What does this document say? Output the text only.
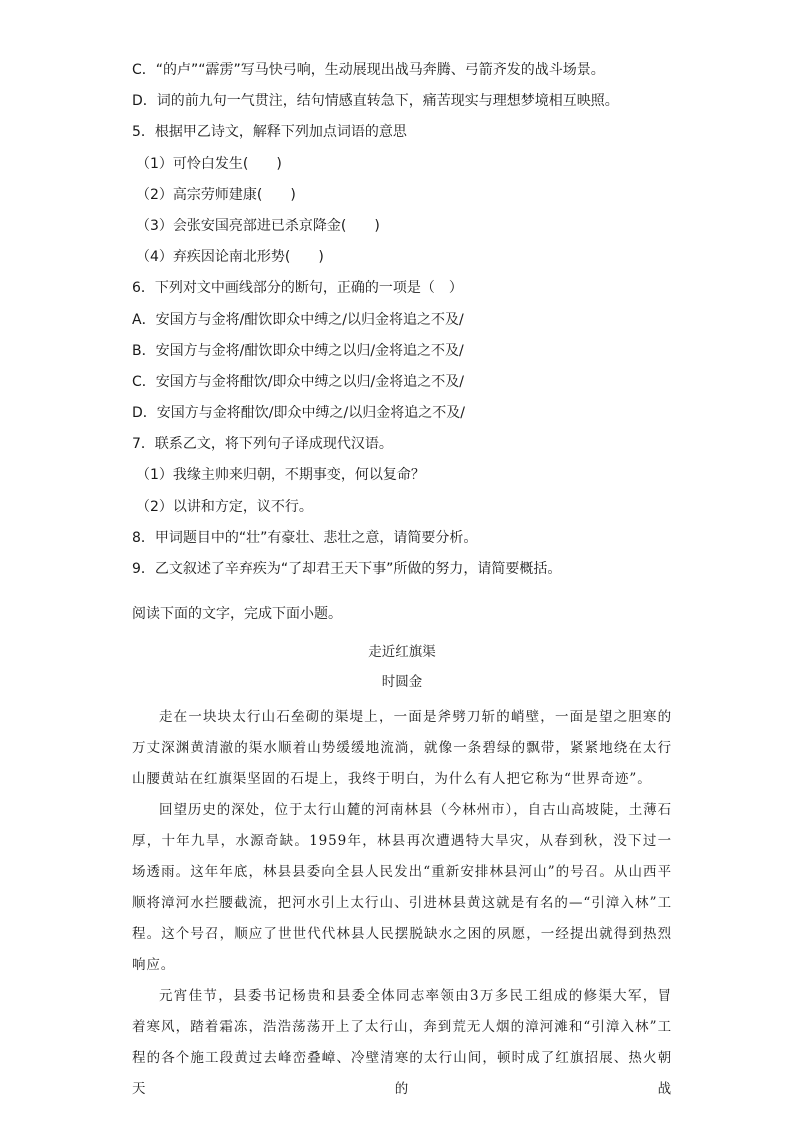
C．“的卢”“霹雳”写马快弓响，生动展现出战马奔腾、弓箭齐发的战斗场景。

D．词的前九句一气贯注，结句情感直转急下，痛苦现实与理想梦境相互映照。

5．根据甲乙诗文，解释下列加点词语的意思

（1）可怜白发生(　　)

（2）高宗劳师建康(　　)

（3）会张安国亮部进已杀京降金(　　)

（4）弃疾因论南北形势(　　)

6．下列对文中画线部分的断句，正确的一项是（　）

A．安国方与金将/酣饮即众中缚之/以归金将追之不及/

B．安国方与金将/酣饮即众中缚之以归/金将追之不及/

C．安国方与金将酣饮/即众中缚之以归/金将追之不及/

D．安国方与金将酣饮/即众中缚之/以归金将追之不及/

7．联系乙文，将下列句子译成现代汉语。

（1）我缘主帅来归朝，不期事变，何以复命？

（2）以讲和方定，议不行。

8．甲词题目中的“壮”有豪壮、悲壮之意，请简要分析。

9．乙文叙述了辛弃疾为“了却君王天下事”所做的努力，请简要概括。

阅读下面的文字，完成下面小题。

走近红旗渠

时圆金

走在一块块太行山石垒砌的渠堤上，一面是斧劈刀斩的峭壁，一面是望之胆寒的万丈深渊黄清澈的渠水顺着山势缓缓地流淌，就像一条碧绿的飘带，紧紧地绕在太行山腰黄站在红旗渠坚固的石堤上，我终于明白，为什么有人把它称为“世界奇迹”。

回望历史的深处，位于太行山麓的河南林县（今林州市），自古山高坡陡，土薄石厚，十年九旱，水源奇缺。1959年，林县再次遭遇特大旱灾，从春到秋，没下过一场透雨。这年年底，林县县委向全县人民发出“重新安排林县河山”的号召。从山西平顺将漳河水拦腰截流，把河水引上太行山、引进林县黄这就是有名的—“引漳入林”工程。这个号召，顺应了世世代代林县人民摆脱缺水之困的夙愿，一经提出就得到热烈响应。

元宵佳节，县委书记杨贵和县委全体同志率领由3万多民工组成的修渠大军，冒着寒风，踏着霜冻，浩浩荡荡开上了太行山，奔到荒无人烟的漳河滩和“引漳入林”工程的各个施工段黄过去峰峦叠嶂、冷壁清寒的太行山间，顿时成了红旗招展、热火朝天的战
